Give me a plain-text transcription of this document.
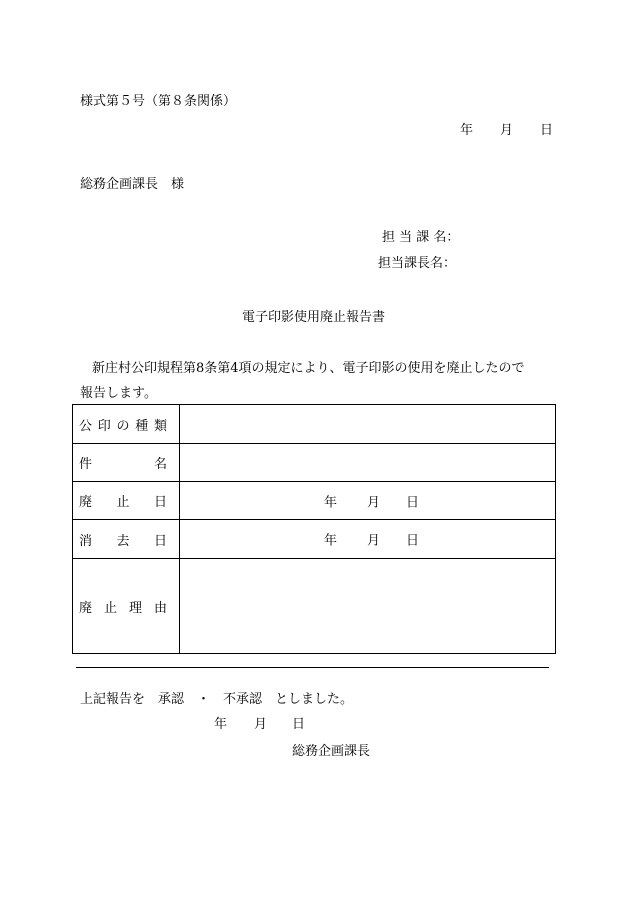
様式第５号（第８条関係）
年 月 日
総務企画課長　様
担 当 課 名：
担当課長名：
電子印影使用廃止報告書
新庄村公印規程第8条第4項の規定により、電子印影の使用を廃止したので
報告します。
公 印 の 種 類	

件 名	

廃 止 日	年 月 日

消 去 日	年 月 日

廃 止 理 由	

上記報告を　承認　・　不承認　としました。
年 月 日
総務企画課長
